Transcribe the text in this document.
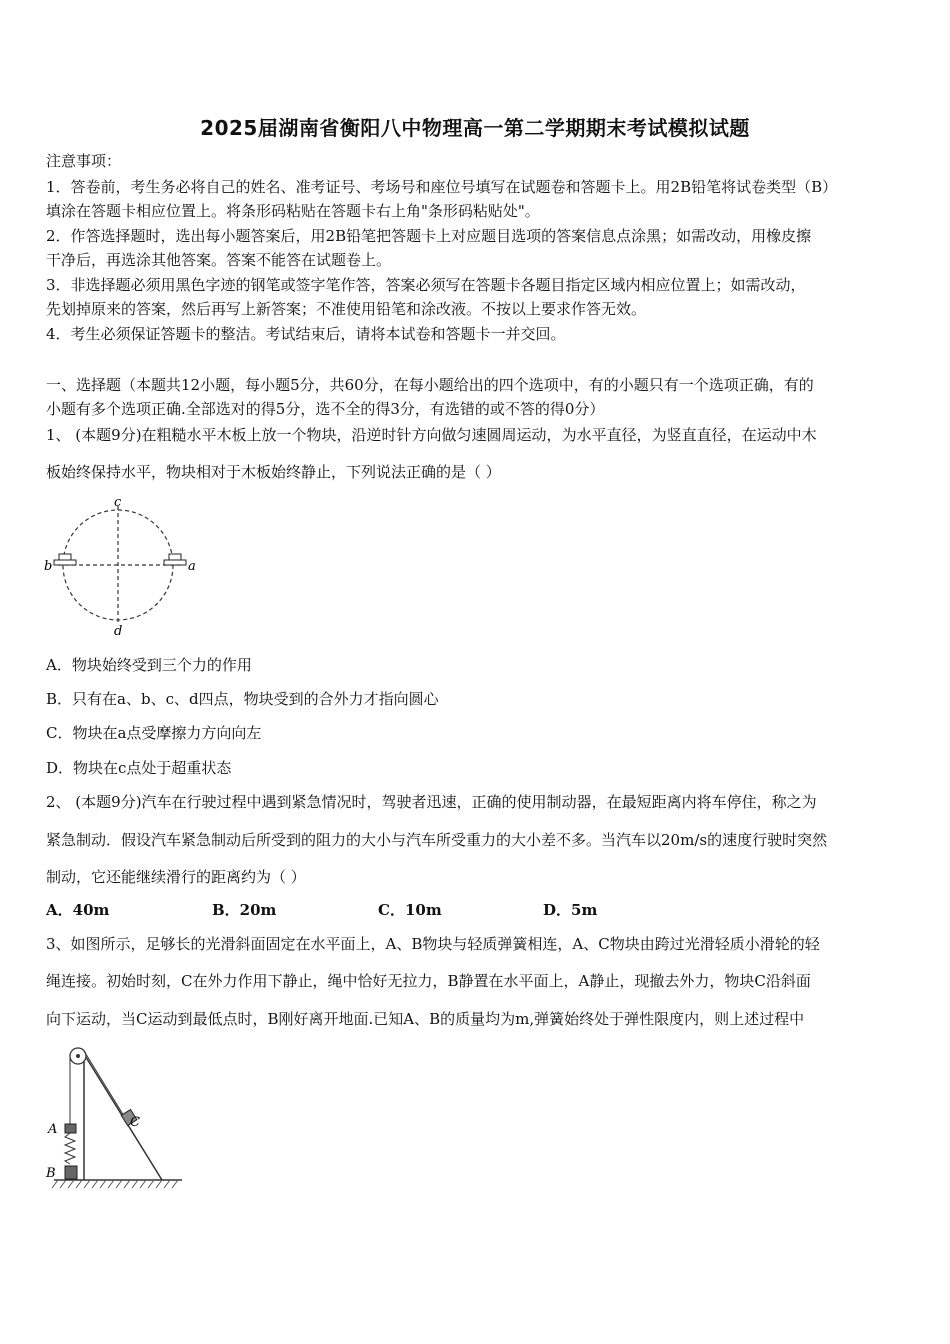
2025届湖南省衡阳八中物理高一第二学期期末考试模拟试题
注意事项：
1．答卷前，考生务必将自己的姓名、准考证号、考场号和座位号填写在试题卷和答题卡上。用2B铅笔将试卷类型（B）
填涂在答题卡相应位置上。将条形码粘贴在答题卡右上角"条形码粘贴处"。
2．作答选择题时，选出每小题答案后，用2B铅笔把答题卡上对应题目选项的答案信息点涂黑；如需改动，用橡皮擦
干净后，再选涂其他答案。答案不能答在试题卷上。
3．非选择题必须用黑色字迹的钢笔或签字笔作答，答案必须写在答题卡各题目指定区域内相应位置上；如需改动，
先划掉原来的答案，然后再写上新答案；不准使用铅笔和涂改液。不按以上要求作答无效。
4．考生必须保证答题卡的整洁。考试结束后，请将本试卷和答题卡一并交回。
一、选择题（本题共12小题，每小题5分，共60分，在每小题给出的四个选项中，有的小题只有一个选项正确，有的
小题有多个选项正确.全部选对的得5分，选不全的得3分，有选错的或不答的得0分）
1、 (本题9分)在粗糙水平木板上放一个物块，沿逆时针方向做匀速圆周运动，为水平直径，为竖直直径，在运动中木
板始终保持水平，物块相对于木板始终静止，下列说法正确的是（ ）
c
d
b	a
A．物块始终受到三个力的作用
B．只有在a、b、c、d四点，物块受到的合外力才指向圆心
C．物块在a点受摩擦力方向向左
D．物块在c点处于超重状态
2、 (本题9分)汽车在行驶过程中遇到紧急情况时，驾驶者迅速，正确的使用制动器，在最短距离内将车停住，称之为
紧急制动．假设汽车紧急制动后所受到的阻力的大小与汽车所受重力的大小差不多。当汽车以20m/s的速度行驶时突然
制动，它还能继续滑行的距离约为（ ）
A．40m	B．20m	C．10m	D．5m
3、如图所示，足够长的光滑斜面固定在水平面上，A、B物块与轻质弹簧相连，A、C物块由跨过光滑轻质小滑轮的轻
绳连接。初始时刻，C在外力作用下静止，绳中恰好无拉力，B静置在水平面上，A静止，现撤去外力，物块C沿斜面
向下运动，当C运动到最低点时，B刚好离开地面.已知A、B的质量均为m,弹簧始终处于弹性限度内，则上述过程中
A
B
C
